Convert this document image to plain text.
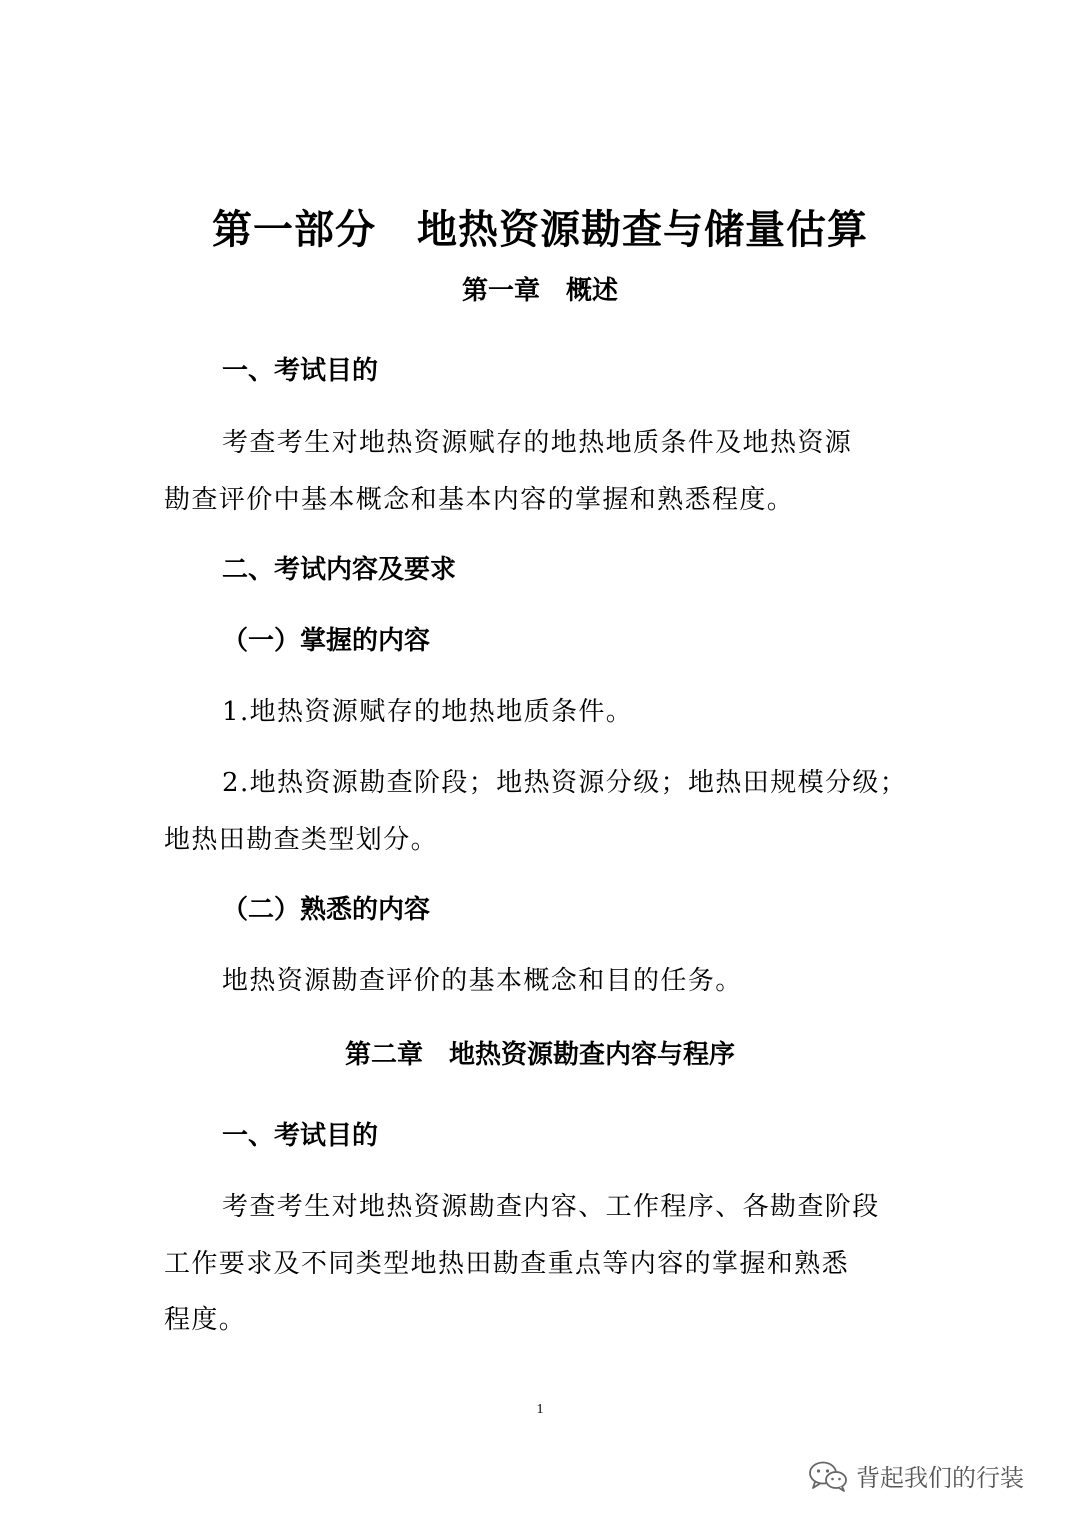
第一部分　地热资源勘查与储量估算
第一章　概述
一、考试目的
考查考生对地热资源赋存的地热地质条件及地热资源
勘查评价中基本概念和基本内容的掌握和熟悉程度。
二、考试内容及要求
（一）掌握的内容
1.地热资源赋存的地热地质条件。
2.地热资源勘查阶段；地热资源分级；地热田规模分级；
地热田勘查类型划分。
（二）熟悉的内容
地热资源勘查评价的基本概念和目的任务。
第二章　地热资源勘查内容与程序
一、考试目的
考查考生对地热资源勘查内容、工作程序、各勘查阶段
工作要求及不同类型地热田勘查重点等内容的掌握和熟悉
程度。
1
背起我们的行装
